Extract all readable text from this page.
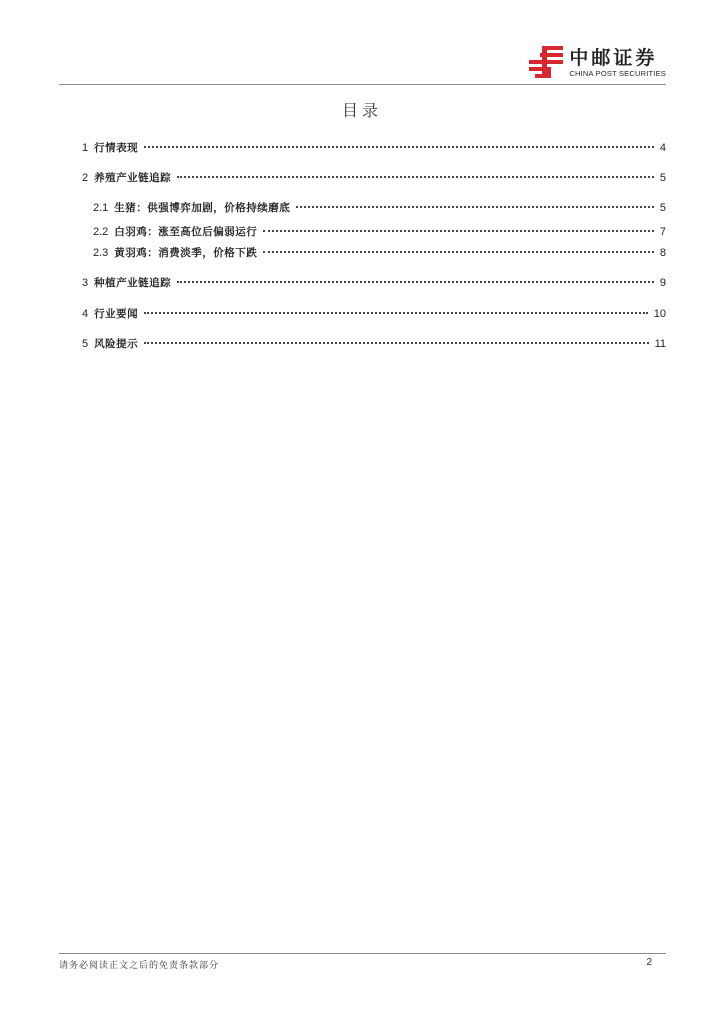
中邮证券
CHINA POST SECURITIES
目录
1 行情表现	4
2 养殖产业链追踪	5
2.1 生猪：供强博弈加剧，价格持续磨底	5
2.2 白羽鸡：涨至高位后偏弱运行	7
2.3 黄羽鸡：消费淡季，价格下跌	8
3 种植产业链追踪	9
4 行业要闻	10
5 风险提示	11
请务必阅读正文之后的免责条款部分	2
